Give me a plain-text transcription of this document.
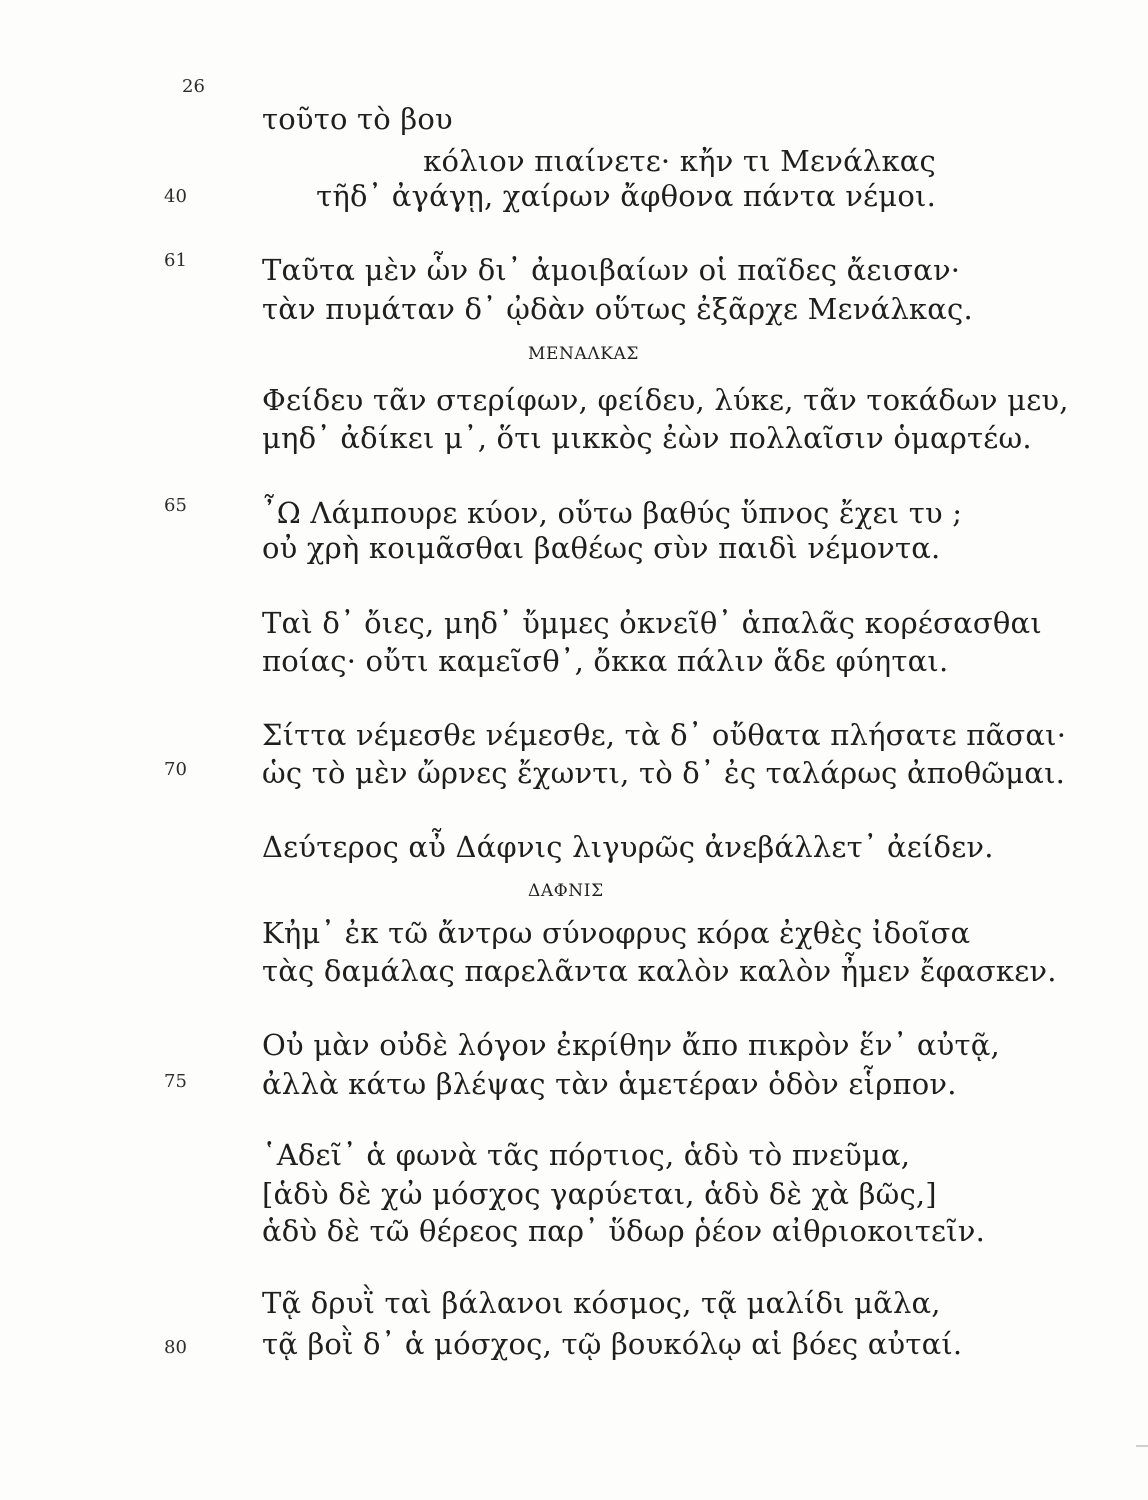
26
40
61
65
70
75
80
τοῦτο τὸ βου
κόλιον πιαίνετε· κἤν τι Μενάλκας
τῆδ᾽ ἀγάγῃ, χαίρων ἄφθονα πάντα νέμοι.
Ταῦτα μὲν ὧν δι᾽ ἀμοιβαίων οἱ παῖδες ἄεισαν·
τὰν πυμάταν δ᾽ ᾠδὰν οὕτως ἐξᾶρχε Μενάλκας.
ΜΕΝΑΛΚΑΣ
Φείδευ τᾶν στερίφων, φείδευ, λύκε, τᾶν τοκάδων μευ,
μηδ᾽ ἀδίκει μ᾽, ὅτι μικκὸς ἐὼν πολλαῖσιν ὁμαρτέω.
῏Ω Λάμπουρε κύον, οὕτω βαθύς ὕπνος ἔχει τυ ;
οὐ χρὴ κοιμᾶσθαι βαθέως σὺν παιδὶ νέμοντα.
Ταὶ δ᾽ ὄιες, μηδ᾽ ὔμμες ὀκνεῖθ᾽ ἁπαλᾶς κορέσασθαι
ποίας· οὔτι καμεῖσθ᾽, ὄκκα πάλιν ἅδε φύηται.
Σίττα νέμεσθε νέμεσθε, τὰ δ᾽ οὔθατα πλήσατε πᾶσαι·
ὡς τὸ μὲν ὤρνες ἔχωντι, τὸ δ᾽ ἐς ταλάρως ἀποθῶμαι.
Δεύτερος αὖ Δάφνις λιγυρῶς ἀνεβάλλετ᾽ ἀείδεν.
ΔΑΦΝΙΣ
Κἠμ᾽ ἐκ τῶ ἄντρω σύνοφρυς κόρα ἐχθὲς ἰδοῖσα
τὰς δαμάλας παρελᾶντα καλὸν καλὸν ἦμεν ἔφασκεν.
Οὐ μὰν οὐδὲ λόγον ἐκρίθην ἄπο πικρὸν ἕν᾽ αὐτᾷ,
ἀλλὰ κάτω βλέψας τὰν ἁμετέραν ὁδὸν εἷρπον.
῾Αδεῖ᾽ ἁ φωνὰ τᾶς πόρτιος, ἁδὺ τὸ πνεῦμα,
[ἁδὺ δὲ χὠ μόσχος γαρύεται, ἁδὺ δὲ χὰ βῶς,]
ἁδὺ δὲ τῶ θέρεος παρ᾽ ὕδωρ ῥέον αἰθριοκοιτεῖν.
Τᾷ δρυῒ ταὶ βάλανοι κόσμος, τᾷ μαλίδι μᾶλα,
τᾷ βοῒ δ᾽ ἁ μόσχος, τῷ βουκόλῳ αἱ βόες αὐταί.
